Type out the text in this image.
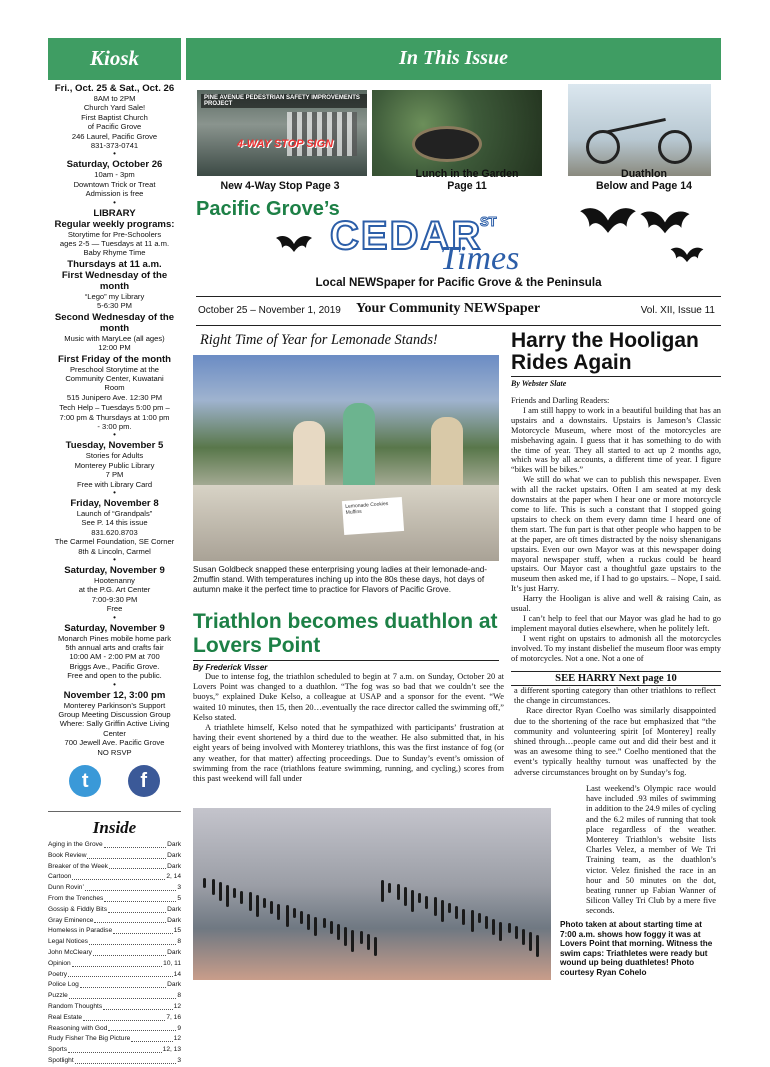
Kiosk
Fri., Oct. 25 & Sat., Oct. 26
8AM to 2PM
Church Yard Sale!
First Baptist Church
of Pacific Grove
246 Laurel, Pacific Grove
831-373-0741
•
Saturday, October 26
10am - 3pm
Downtown Trick or Treat
Admission is free
•
LIBRARY
Regular weekly programs:
Storytime for Pre-Schoolers
ages 2-5 — Tuesdays at 11 a.m.
Baby Rhyme Time
Thursdays at 11 a.m.
First Wednesday of the month
“Lego” my Library
5-6:30 PM
Second Wednesday of the month
Music with MaryLee (all ages)
12:00 PM
First Friday of the month
Preschool Storytime at the
Community Center, Kuwatani
Room
515 Junipero Ave. 12:30 PM
Tech Help – Tuesdays 5:00 pm –
7:00 pm & Thursdays at 1:00 pm
- 3:00 pm.
•
Tuesday, November 5
Stories for Adults
Monterey Public Library
7 PM
Free with Library Card
•
Friday, November 8
Launch of “Grandpals”
See P. 14 this issue
831.620.8703
The Carmel Foundation, SE Corner
8th & Lincoln, Carmel
•
Saturday, November 9
Hootenanny
at the P.G. Art Center
7:00-9:30 PM
Free
•
Saturday, November 9
Monarch Pines mobile home park
5th annual arts and crafts fair
10:00 AM - 2:00 PM at 700
Briggs Ave., Pacific Grove.
Free and open to the public.
•
November 12, 3:00 pm
Monterey Parkinson’s Support
Group Meeting Discussion Group
Where: Sally Griffin Active Living
Center
700 Jewell Ave. Pacific Grove
NO RSVP
t	f
Inside
Aging in the Grove	Dark
Book Review	Dark
Breaker of the Week	Dark
Cartoon	2, 14
Dunn Rovin’	3
From the Trenches	5
Gossip & Fiddly Bits	Dark
Gray Eminence	Dark
Homeless in Paradise	15
Legal Notices	8
John McCleary	Dark
Opinion	10, 11
Poetry	14
Police Log	Dark
Puzzle	8
Random Thoughts	12
Real Estate	7, 16
Reasoning with God	9
Rudy Fisher The Big Picture	12
Sports	12, 13
Spotlight	3
In This Issue
PINE AVENUE PEDESTRIAN SAFETY IMPROVEMENTS PROJECT
4-WAY STOP SIGN
New 4-Way Stop Page 3
Lunch in the Garden
Page 11
Duathlon
Below and Page 14
Pacific Grove’s
CEDAR
ST
Times
Local NEWSpaper for Pacific Grove & the Peninsula
October 25 – November 1, 2019 Your Community NEWSpaper	Vol. XII, Issue 11
Right Time of Year for Lemonade Stands!
Lemonade Cookies Muffins
Susan Goldbeck snapped these enterprising young ladies at their lemonade-and-2muffin stand. With temperatures inching up into the 80s these days, hot days of autumn make it the perfect time to practice for Flavors of Pacific Grove.
Triathlon becomes duathlon at Lovers Point
By Frederick Visser

Due to intense fog, the triathlon scheduled to begin at 7 a.m. on Sunday, October 20 at Lovers Point was changed to a duathlon. “The fog was so bad that we couldn’t see the buoys,” explained Duke Kelso, a colleague at USAP and a sponsor for the event. “We waited 10 minutes, then 15, then 20…eventually the race director called the swimming off,” Kelso stated.

A triathlete himself, Kelso noted that he sympathized with participants’ frustration at having their event shortened by a third due to the weather. He also submitted that, in his eight years of being involved with Monterey triathlons, this was the first instance of fog (or any weather, for that matter) affecting proceedings. Due to Sunday’s event’s omission of swimming from the race (triathlons feature swimming, running, and cycling,) scores from this past weekend will fall under

a different sporting category than other triathlons to reflect the change in circumstances.

Race director Ryan Coelho was similarly disappointed due to the shortening of the race but emphasized that “the community and volunteering spirit [of Monterey] really shined through…people came out and did their best and it was an awesome thing to see.” Coelho mentioned that the event’s typically healthy turnout was unaffected by the adverse circumstances brought on by Sunday’s fog.

Last weekend’s Olympic race would have included .93 miles of swimming in addition to the 24.9 miles of cycling and the 6.2 miles of running that took place regardless of the weather. Monterey Triathlon’s website lists Charles Velez, a member of We Tri Training team, as the duathlon’s victor. Velez finished the race in an hour and 50 minutes on the dot, beating runner up Fabian Wanner of Silicon Valley Tri Club by a mere five seconds.
Photo taken at about starting time at 7:00 a.m. shows how foggy it was at Lovers Point that morning. Witness the swim caps: Triathletes were ready but wound up being duathletes! Photo courtesy Ryan Cohelo
Harry the Hooligan Rides Again
By Webster Slate

Friends and Darling Readers:

I am still happy to work in a beautiful building that has an upstairs and a downstairs. Upstairs is Jameson’s Classic Motorcycle Museum, where most of the motorcycles are misbehaving again. I guess that it has something to do with the time of year. They all started to act up 2 months ago, which was by all accounts, a different time of year. I figure “bikes will be bikes.”

We still do what we can to publish this newspaper. Even with all the racket upstairs. Often I am seated at my desk downstairs at the paper when I hear one or more motorcycle come to life. This is such a constant that I stopped going upstairs to check on them every damn time I heard one of them start. The fun part is that other people who happen to be at the paper, are oft times distracted by the noisy shenanigans upstairs. Even our own Mayor was at this newspaper doing mayoral newspaper stuff, when a ruckus could be heard upstairs. Our Mayor cast a thoughtful gaze upstairs to the museum then asked me, if I had to go upstairs. – Nope, I said. It’s just Harry.

Harry the Hooligan is alive and well & raising Cain, as usual.

I can’t help to feel that our Mayor was glad he had to go implement mayoral duties elsewhere, when he politely left.

I went right on upstairs to admonish all the motorcycles involved. To my instant disbelief the museum floor was empty of motorcycles. Not a one. Not a one of

SEE HARRY Next page 10
